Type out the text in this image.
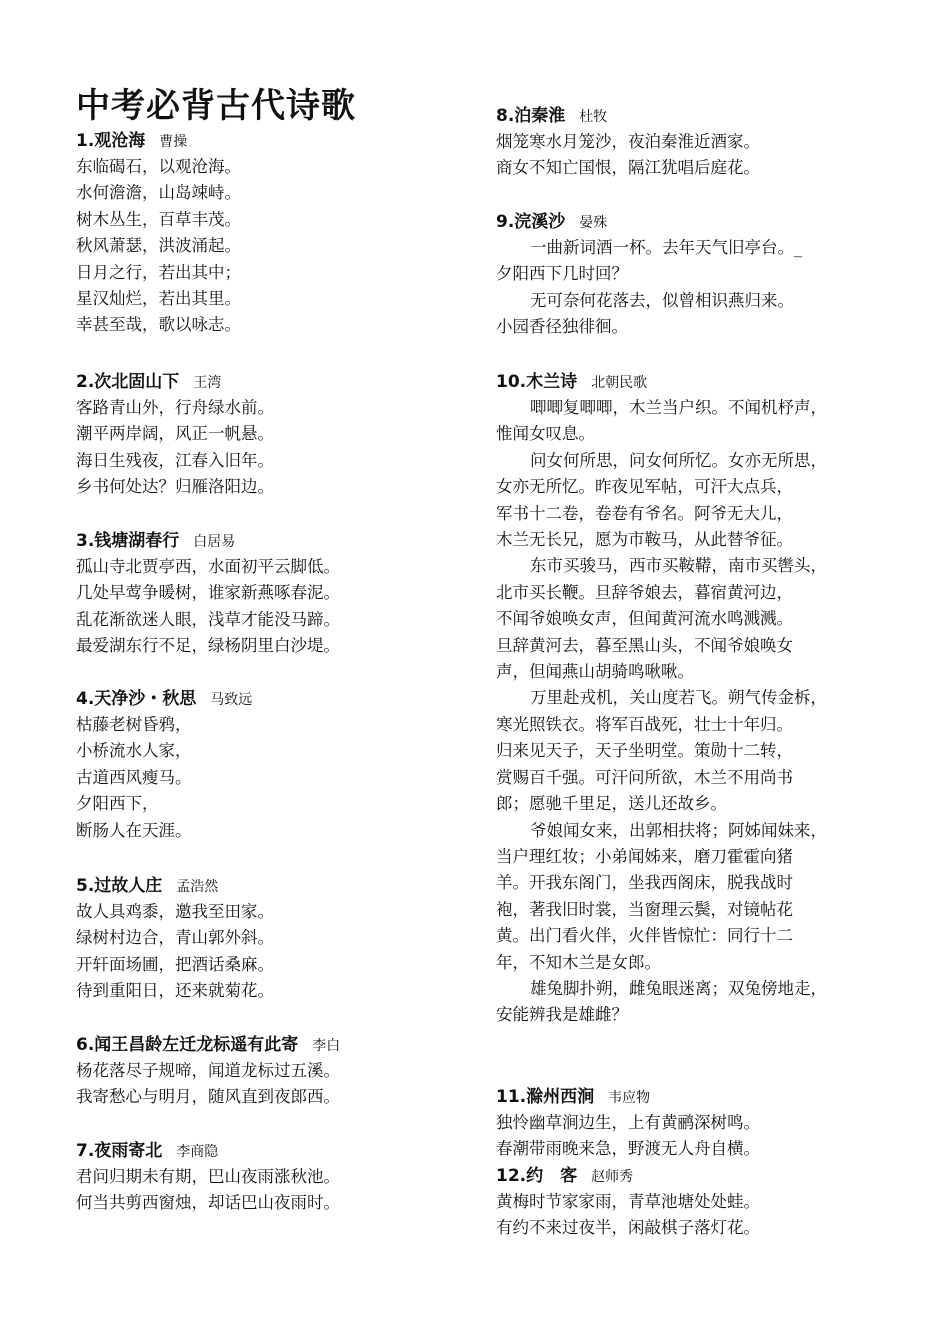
中考必背古代诗歌
1.观沧海 曹操
东临碣石，以观沧海。
水何澹澹，山岛竦峙。
树木丛生，百草丰茂。
秋风萧瑟，洪波涌起。
日月之行，若出其中；
星汉灿烂，若出其里。
幸甚至哉，歌以咏志。
2.次北固山下 王湾
客路青山外，行舟绿水前。
潮平两岸阔，风正一帆悬。
海日生残夜，江春入旧年。
乡书何处达？归雁洛阳边。
3.钱塘湖春行 白居易
孤山寺北贾亭西，水面初平云脚低。
几处早莺争暖树，谁家新燕啄春泥。
乱花渐欲迷人眼，浅草才能没马蹄。
最爱湖东行不足，绿杨阴里白沙堤。
4.天净沙・秋思 马致远
枯藤老树昏鸦，
小桥流水人家，
古道西风瘦马。
夕阳西下，
断肠人在天涯。
5.过故人庄 孟浩然
故人具鸡黍，邀我至田家。
绿树村边合，青山郭外斜。
开轩面场圃，把酒话桑麻。
待到重阳日，还来就菊花。
6.闻王昌龄左迁龙标遥有此寄 李白
杨花落尽子规啼，闻道龙标过五溪。
我寄愁心与明月，随风直到夜郎西。
7.夜雨寄北 李商隐
君问归期未有期，巴山夜雨涨秋池。
何当共剪西窗烛，却话巴山夜雨时。
8.泊秦淮 杜牧
烟笼寒水月笼沙，夜泊秦淮近酒家。
商女不知亡国恨，隔江犹唱后庭花。
9.浣溪沙 晏殊
一曲新词酒一杯。去年天气旧亭台。_
夕阳西下几时回？
无可奈何花落去，似曾相识燕归来。
小园香径独徘徊。
10.木兰诗 北朝民歌
唧唧复唧唧，木兰当户织。不闻机杼声，
惟闻女叹息。
问女何所思，问女何所忆。女亦无所思，
女亦无所忆。昨夜见军帖，可汗大点兵，
军书十二卷，卷卷有爷名。阿爷无大儿，
木兰无长兄，愿为市鞍马，从此替爷征。
东市买骏马，西市买鞍鞯，南市买辔头，
北市买长鞭。旦辞爷娘去，暮宿黄河边，
不闻爷娘唤女声，但闻黄河流水鸣溅溅。
旦辞黄河去，暮至黑山头，不闻爷娘唤女
声，但闻燕山胡骑鸣啾啾。
万里赴戎机，关山度若飞。朔气传金柝，
寒光照铁衣。将军百战死，壮士十年归。
归来见天子，天子坐明堂。策勋十二转，
赏赐百千强。可汗问所欲，木兰不用尚书
郎；愿驰千里足，送儿还故乡。
爷娘闻女来，出郭相扶将；阿姊闻妹来，
当户理红妆；小弟闻姊来，磨刀霍霍向猪
羊。开我东阁门，坐我西阁床，脱我战时
袍，著我旧时裳，当窗理云鬓，对镜帖花
黄。出门看火伴，火伴皆惊忙：同行十二
年，不知木兰是女郎。
雄兔脚扑朔，雌兔眼迷离；双兔傍地走，
安能辨我是雄雌？
11.滁州西涧 韦应物
独怜幽草涧边生，上有黄鹂深树鸣。
春潮带雨晚来急，野渡无人舟自横。
12.约　客 赵师秀
黄梅时节家家雨，青草池塘处处蛙。
有约不来过夜半，闲敲棋子落灯花。
